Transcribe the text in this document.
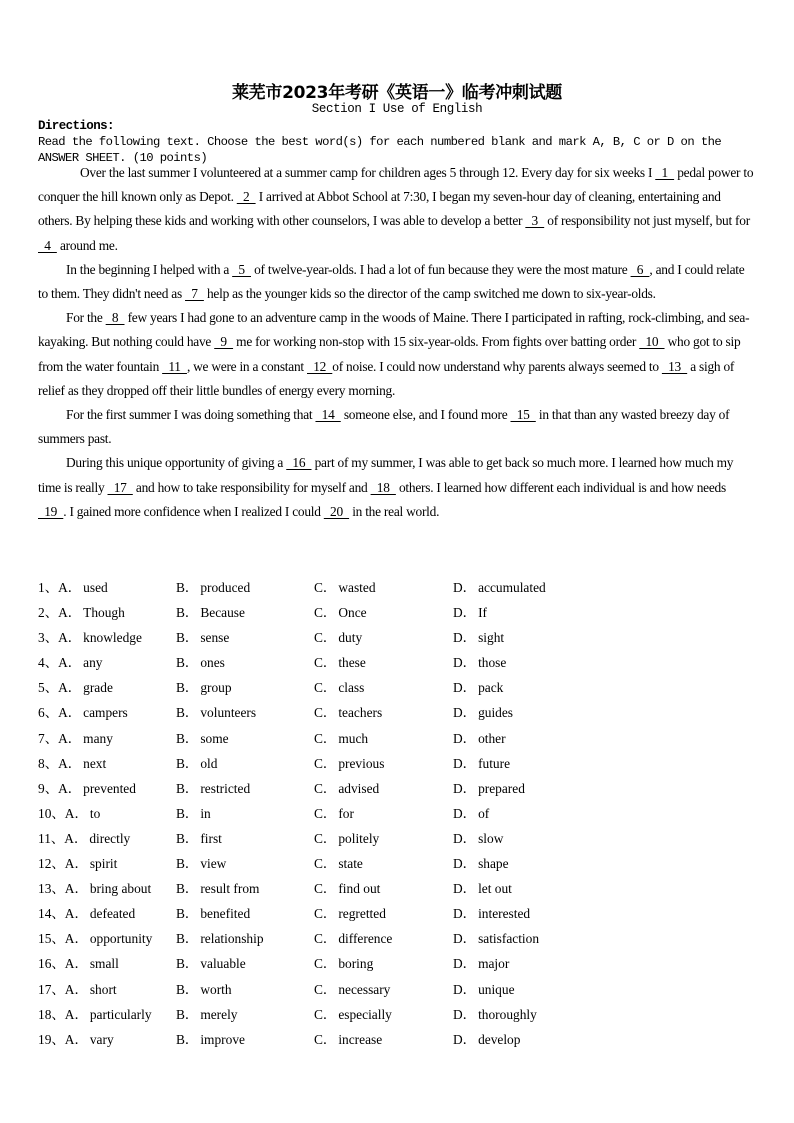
莱芜市2023年考研《英语一》临考冲刺试题
Section I Use of English
Directions:
Read the following text. Choose the best word(s) for each numbered blank and mark A, B, C or D on the ANSWER SHEET. (10 points)

Over the last summer I volunteered at a summer camp for children ages 5 through 12. Every day for six weeks I   1   pedal power to conquer the hill known only as Depot.   2   I arrived at Abbot School at 7:30, I began my seven-hour day of cleaning, entertaining and others. By helping these kids and working with other counselors, I was able to develop a better   3   of responsibility not just myself, but for   4   around me.

In the beginning I helped with a   5   of twelve-year-olds. I had a lot of fun because they were the most mature   6  , and I could relate to them. They didn't need as   7   help as the younger kids so the director of the camp switched me down to six-year-olds.

For the   8   few years I had gone to an adventure camp in the woods of Maine. There I participated in rafting, rock-climbing, and sea-kayaking. But nothing could have   9   me for working non-stop with 15 six-year-olds. From fights over batting order   10   who got to sip from the water fountain   11  , we were in a constant   12  of noise. I could now understand why parents always seemed to   13   a sigh of relief as they dropped off their little bundles of energy every morning.

For the first summer I was doing something that   14   someone else, and I found more   15   in that than any wasted breezy day of summers past.

During this unique opportunity of giving a   16   part of my summer, I was able to get back so much more. I learned how much my time is really   17   and how to take responsibility for myself and   18   others. I learned how different each individual is and how needs   19  . I gained more confidence when I realized I could   20   in the real world.

1、A． used	B． produced	C． wasted	D． accumulated
2、A． Though	B． Because	C． Once	D． If
3、A． knowledge	B． sense	C． duty	D． sight
4、A． any	B． ones	C． these	D． those
5、A． grade	B． group	C． class	D． pack
6、A． campers	B． volunteers	C． teachers	D． guides
7、A． many	B． some	C． much	D． other
8、A． next	B． old	C． previous	D． future
9、A． prevented	B． restricted	C． advised	D． prepared
10、A． to	B． in	C． for	D． of
11、A． directly	B． first	C． politely	D． slow
12、A． spirit	B． view	C． state	D． shape
13、A． bring about B． result from	C． find out	D． let out
14、A． defeated	B． benefited	C． regretted	D． interested
15、A． opportunity B． relationship	C． difference	D． satisfaction
16、A． small	B． valuable	C． boring	D． major
17、A． short	B． worth	C． necessary	D． unique
18、A． particularly B． merely	C． especially	D． thoroughly
19、A． vary	B． improve	C． increase	D． develop
